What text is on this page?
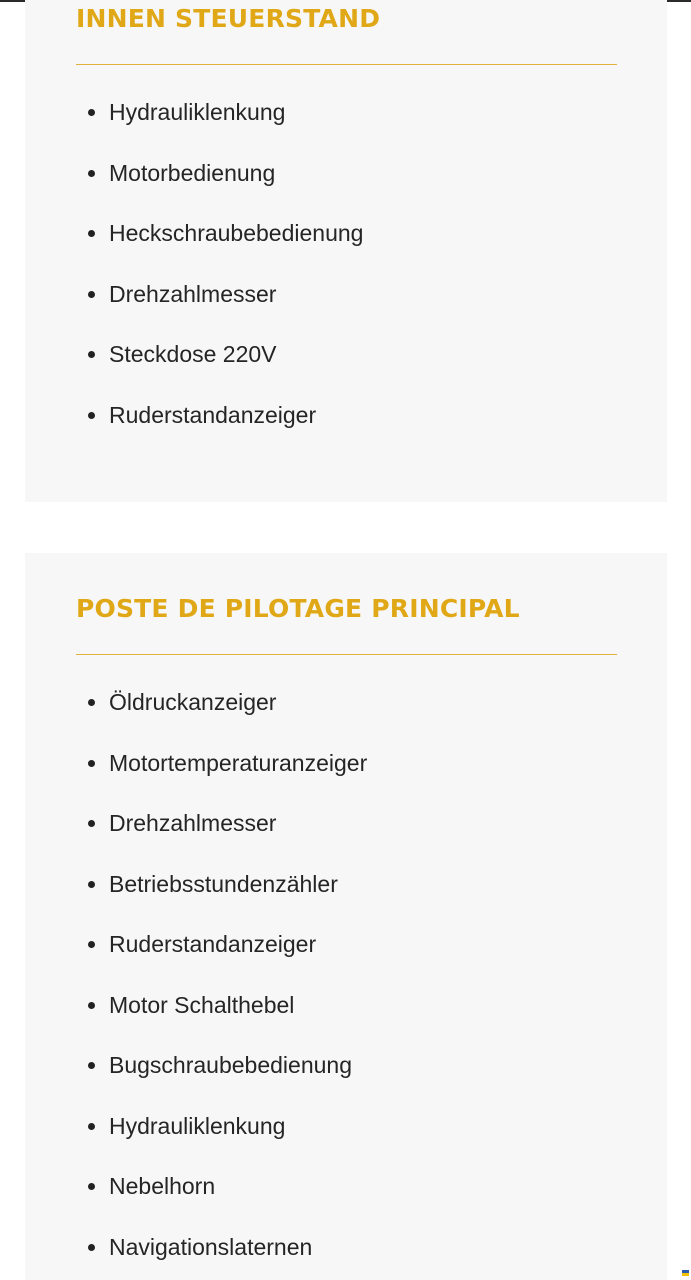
INNEN STEUERSTAND
Hydrauliklenkung
Motorbedienung
Heckschraubebedienung
Drehzahlmesser
Steckdose 220V
Ruderstandanzeiger
POSTE DE PILOTAGE PRINCIPAL
Öldruckanzeiger
Motortemperaturanzeiger
Drehzahlmesser
Betriebsstundenzähler
Ruderstandanzeiger
Motor Schalthebel
Bugschraubebedienung
Hydrauliklenkung
Nebelhorn
Navigationslaternen
